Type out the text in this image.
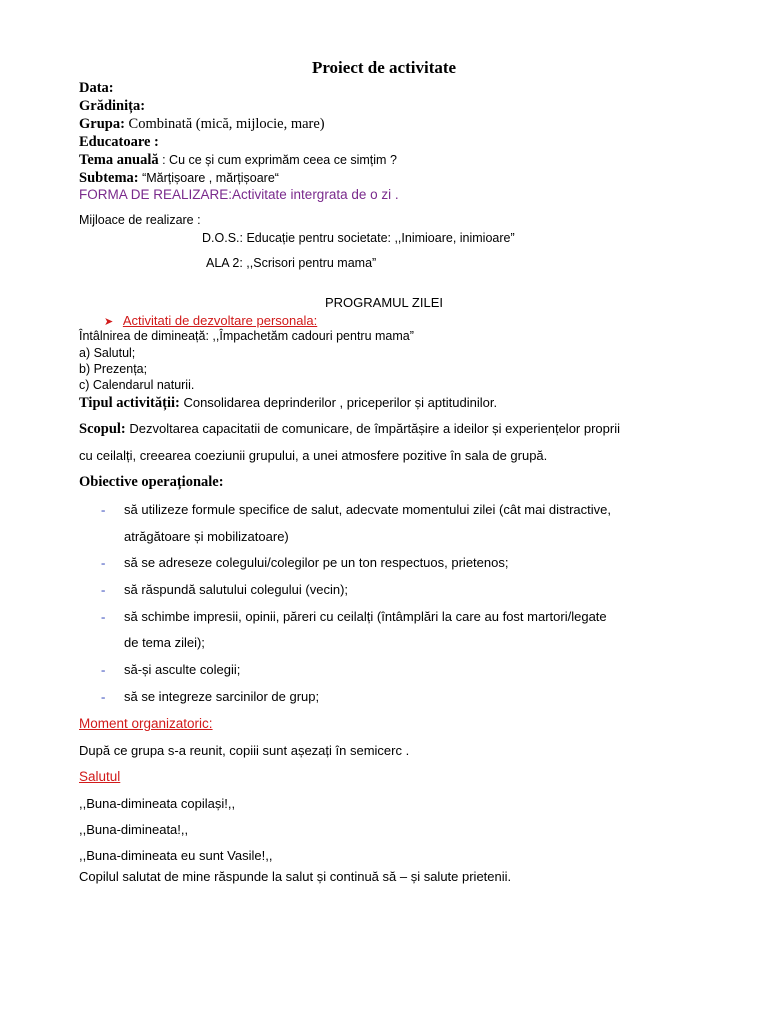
Proiect de activitate
Data:
Grădinița:
Grupa: Combinată (mică, mijlocie, mare)
Educatoare :
Tema anuală : Cu ce și cum exprimăm ceea ce simțim ?
Subtema: “Mărțișoare , mărțișoare“
FORMA DE REALIZARE:Activitate intergrata de o zi .
Mijloace de realizare :
D.O.S.: Educație pentru societate: ,,Inimioare, inimioare”
ALA 2: ,,Scrisori pentru mama”
PROGRAMUL ZILEI
➤ Activitati de dezvoltare personala:
Întâlnirea de dimineață: ,,Împachetăm cadouri pentru mama”
a) Salutul;
b) Prezența;
c) Calendarul naturii.
Tipul activității: Consolidarea deprinderilor , priceperilor și aptitudinilor.
Scopul: Dezvoltarea capacitatii de comunicare, de împărtășire a ideilor și experiențelor proprii
cu ceilalți, creearea coeziunii grupului, a unei atmosfere pozitive în sala de grupă.
Obiective operaționale:
- să utilizeze formule specifice de salut, adecvate momentului zilei (cât mai distractive,
atrăgătoare și mobilizatoare)
- să se adreseze colegului/colegilor pe un ton respectuos, prietenos;
- să răspundă salutului colegului (vecin);
- să schimbe impresii, opinii, păreri cu ceilalți (întâmplări la care au fost martori/legate
de tema zilei);
- să-și asculte colegii;
- să se integreze sarcinilor de grup;
Moment organizatoric:
După ce grupa s-a reunit, copiii sunt așezați în semicerc .
Salutul
,,Buna-dimineata copilași!,,
,,Buna-dimineata!,,
,,Buna-dimineata eu sunt Vasile!,,
Copilul salutat de mine răspunde la salut și continuă să – și salute prietenii.
